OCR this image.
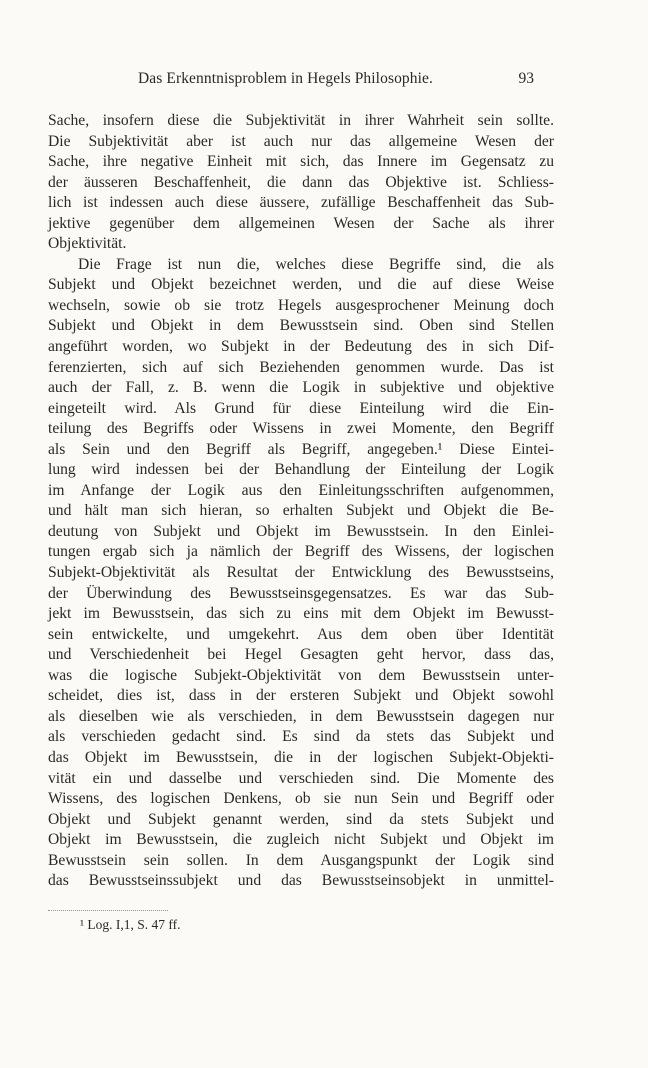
Das Erkenntnisproblem in Hegels Philosophie.	93
Sache, insofern diese die Subjektivität in ihrer Wahrheit sein sollte.
Die Subjektivität aber ist auch nur das allgemeine Wesen der
Sache, ihre negative Einheit mit sich, das Innere im Gegensatz zu
der äusseren Beschaffenheit, die dann das Objektive ist. Schliess-
lich ist indessen auch diese äussere, zufällige Beschaffenheit das Sub-
jektive gegenüber dem allgemeinen Wesen der Sache als ihrer
Objektivität.
Die Frage ist nun die, welches diese Begriffe sind, die als
Subjekt und Objekt bezeichnet werden, und die auf diese Weise
wechseln, sowie ob sie trotz Hegels ausgesprochener Meinung doch
Subjekt und Objekt in dem Bewusstsein sind. Oben sind Stellen
angeführt worden, wo Subjekt in der Bedeutung des in sich Dif-
ferenzierten, sich auf sich Beziehenden genommen wurde. Das ist
auch der Fall, z. B. wenn die Logik in subjektive und objektive
eingeteilt wird. Als Grund für diese Einteilung wird die Ein-
teilung des Begriffs oder Wissens in zwei Momente, den Begriff
als Sein und den Begriff als Begriff, angegeben.¹ Diese Eintei-
lung wird indessen bei der Behandlung der Einteilung der Logik
im Anfange der Logik aus den Einleitungsschriften aufgenommen,
und hält man sich hieran, so erhalten Subjekt und Objekt die Be-
deutung von Subjekt und Objekt im Bewusstsein. In den Einlei-
tungen ergab sich ja nämlich der Begriff des Wissens, der logischen
Subjekt-Objektivität als Resultat der Entwicklung des Bewusstseins,
der Überwindung des Bewusstseinsgegensatzes. Es war das Sub-
jekt im Bewusstsein, das sich zu eins mit dem Objekt im Bewusst-
sein entwickelte, und umgekehrt. Aus dem oben über Identität
und Verschiedenheit bei Hegel Gesagten geht hervor, dass das,
was die logische Subjekt-Objektivität von dem Bewusstsein unter-
scheidet, dies ist, dass in der ersteren Subjekt und Objekt sowohl
als dieselben wie als verschieden, in dem Bewusstsein dagegen nur
als verschieden gedacht sind. Es sind da stets das Subjekt und
das Objekt im Bewusstsein, die in der logischen Subjekt-Objekti-
vität ein und dasselbe und verschieden sind. Die Momente des
Wissens, des logischen Denkens, ob sie nun Sein und Begriff oder
Objekt und Subjekt genannt werden, sind da stets Subjekt und
Objekt im Bewusstsein, die zugleich nicht Subjekt und Objekt im
Bewusstsein sein sollen. In dem Ausgangspunkt der Logik sind
das Bewusstseinssubjekt und das Bewusstseinsobjekt in unmittel-
¹ Log. I,1, S. 47 ff.
